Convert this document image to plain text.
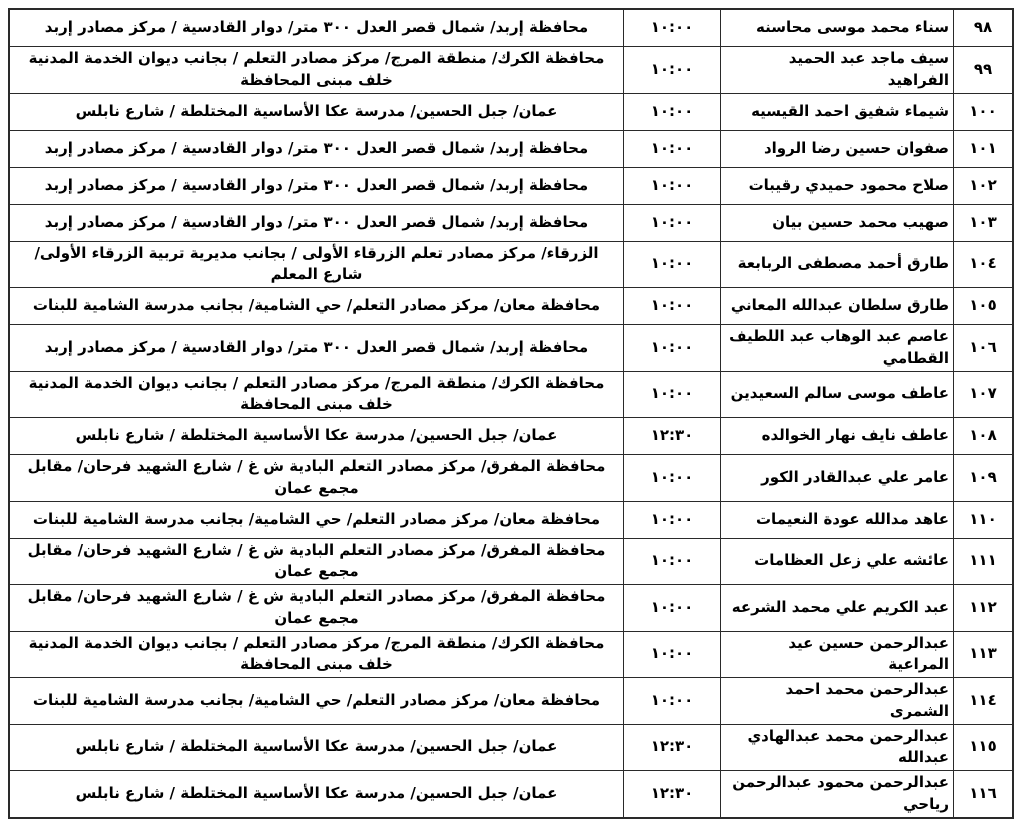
٩٨	سناء محمد موسى محاسنه	١٠:٠٠	محافظة إربد/ شمال قصر العدل ٣٠٠ متر/ دوار القادسية / مركز مصادر إربد
٩٩	سيف ماجد عبد الحميد الفراهيد	١٠:٠٠	محافظة الكرك/ منطقة المرج/ مركز مصادر التعلم / بجانب ديوان الخدمة المدنية خلف مبنى المحافظة
١٠٠	شيماء شفيق احمد القيسيه	١٠:٠٠	عمان/ جبل الحسين/ مدرسة عكا الأساسية المختلطة / شارع نابلس
١٠١	صفوان حسين رضا الرواد	١٠:٠٠	محافظة إربد/ شمال قصر العدل ٣٠٠ متر/ دوار القادسية / مركز مصادر إربد
١٠٢	صلاح محمود حميدي رقيبات	١٠:٠٠	محافظة إربد/ شمال قصر العدل ٣٠٠ متر/ دوار القادسية / مركز مصادر إربد
١٠٣	صهيب محمد حسين بيان	١٠:٠٠	محافظة إربد/ شمال قصر العدل ٣٠٠ متر/ دوار القادسية / مركز مصادر إربد
١٠٤	طارق أحمد مصطفى الربابعة	١٠:٠٠	الزرقاء/ مركز مصادر تعلم الزرقاء الأولى / بجانب مديرية تربية الزرقاء الأولى/ شارع المعلم
١٠٥	طارق سلطان عبدالله المعاني	١٠:٠٠	محافظة معان/ مركز مصادر التعلم/ حي الشامية/ بجانب مدرسة الشامية للبنات
١٠٦	عاصم عبد الوهاب عبد اللطيف القطامي	١٠:٠٠	محافظة إربد/ شمال قصر العدل ٣٠٠ متر/ دوار القادسية / مركز مصادر إربد
١٠٧	عاطف موسى سالم السعيدين	١٠:٠٠	محافظة الكرك/ منطقة المرج/ مركز مصادر التعلم / بجانب ديوان الخدمة المدنية خلف مبنى المحافظة
١٠٨	عاطف نايف نهار الخوالده	١٢:٣٠	عمان/ جبل الحسين/ مدرسة عكا الأساسية المختلطة / شارع نابلس
١٠٩	عامر علي عبدالقادر الكور	١٠:٠٠	محافظة المفرق/ مركز مصادر التعلم البادية ش غ / شارع الشهيد فرحان/ مقابل مجمع عمان
١١٠	عاهد مدالله عودة النعيمات	١٠:٠٠	محافظة معان/ مركز مصادر التعلم/ حي الشامية/ بجانب مدرسة الشامية للبنات
١١١	عائشه علي زعل العظامات	١٠:٠٠	محافظة المفرق/ مركز مصادر التعلم البادية ش غ / شارع الشهيد فرحان/ مقابل مجمع عمان
١١٢	عبد الكريم علي محمد الشرعه	١٠:٠٠	محافظة المفرق/ مركز مصادر التعلم البادية ش غ / شارع الشهيد فرحان/ مقابل مجمع عمان
١١٣	عبدالرحمن حسين عيد المراعية	١٠:٠٠	محافظة الكرك/ منطقة المرج/ مركز مصادر التعلم / بجانب ديوان الخدمة المدنية خلف مبنى المحافظة
١١٤	عبدالرحمن محمد احمد الشمرى	١٠:٠٠	محافظة معان/ مركز مصادر التعلم/ حي الشامية/ بجانب مدرسة الشامية للبنات
١١٥	عبدالرحمن محمد عبدالهادي عبدالله	١٢:٣٠	عمان/ جبل الحسين/ مدرسة عكا الأساسية المختلطة / شارع نابلس
١١٦	عبدالرحمن محمود عبدالرحمن رياحي	١٢:٣٠	عمان/ جبل الحسين/ مدرسة عكا الأساسية المختلطة / شارع نابلس
